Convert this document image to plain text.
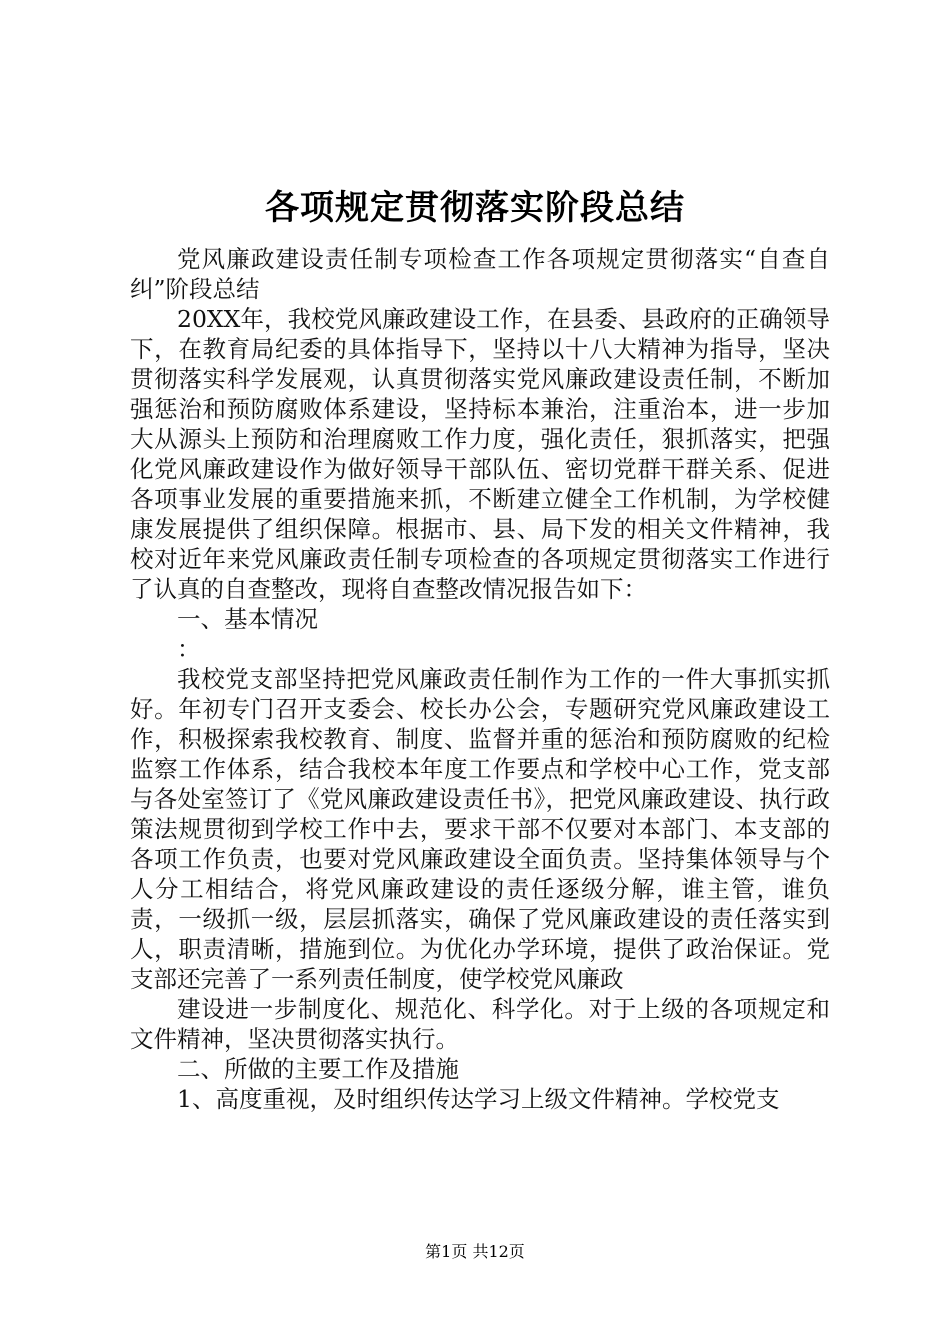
各项规定贯彻落实阶段总结

党风廉政建设责任制专项检查工作各项规定贯彻落实“自查自纠”阶段总结

20XX年，我校党风廉政建设工作，在县委、县政府的正确领导下，在教育局纪委的具体指导下，坚持以十八大精神为指导，坚决贯彻落实科学发展观，认真贯彻落实党风廉政建设责任制，不断加强惩治和预防腐败体系建设，坚持标本兼治，注重治本，进一步加大从源头上预防和治理腐败工作力度，强化责任，狠抓落实，把强化党风廉政建设作为做好领导干部队伍、密切党群干群关系、促进各项事业发展的重要措施来抓，不断建立健全工作机制，为学校健康发展提供了组织保障。根据市、县、局下发的相关文件精神，我校对近年来党风廉政责任制专项检查的各项规定贯彻落实工作进行了认真的自查整改，现将自查整改情况报告如下：

一、基本情况

：

我校党支部坚持把党风廉政责任制作为工作的一件大事抓实抓好。年初专门召开支委会、校长办公会，专题研究党风廉政建设工作，积极探索我校教育、制度、监督并重的惩治和预防腐败的纪检监察工作体系，结合我校本年度工作要点和学校中心工作，党支部与各处室签订了《党风廉政建设责任书》，把党风廉政建设、执行政策法规贯彻到学校工作中去，要求干部不仅要对本部门、本支部的各项工作负责，也要对党风廉政建设全面负责。坚持集体领导与个人分工相结合，将党风廉政建设的责任逐级分解，谁主管，谁负责，一级抓一级，层层抓落实，确保了党风廉政建设的责任落实到人，职责清晰，措施到位。为优化办学环境，提供了政治保证。党支部还完善了一系列责任制度，使学校党风廉政

建设进一步制度化、规范化、科学化。对于上级的各项规定和文件精神，坚决贯彻落实执行。

二、所做的主要工作及措施

1、高度重视，及时组织传达学习上级文件精神。学校党支

第1页 共12页
